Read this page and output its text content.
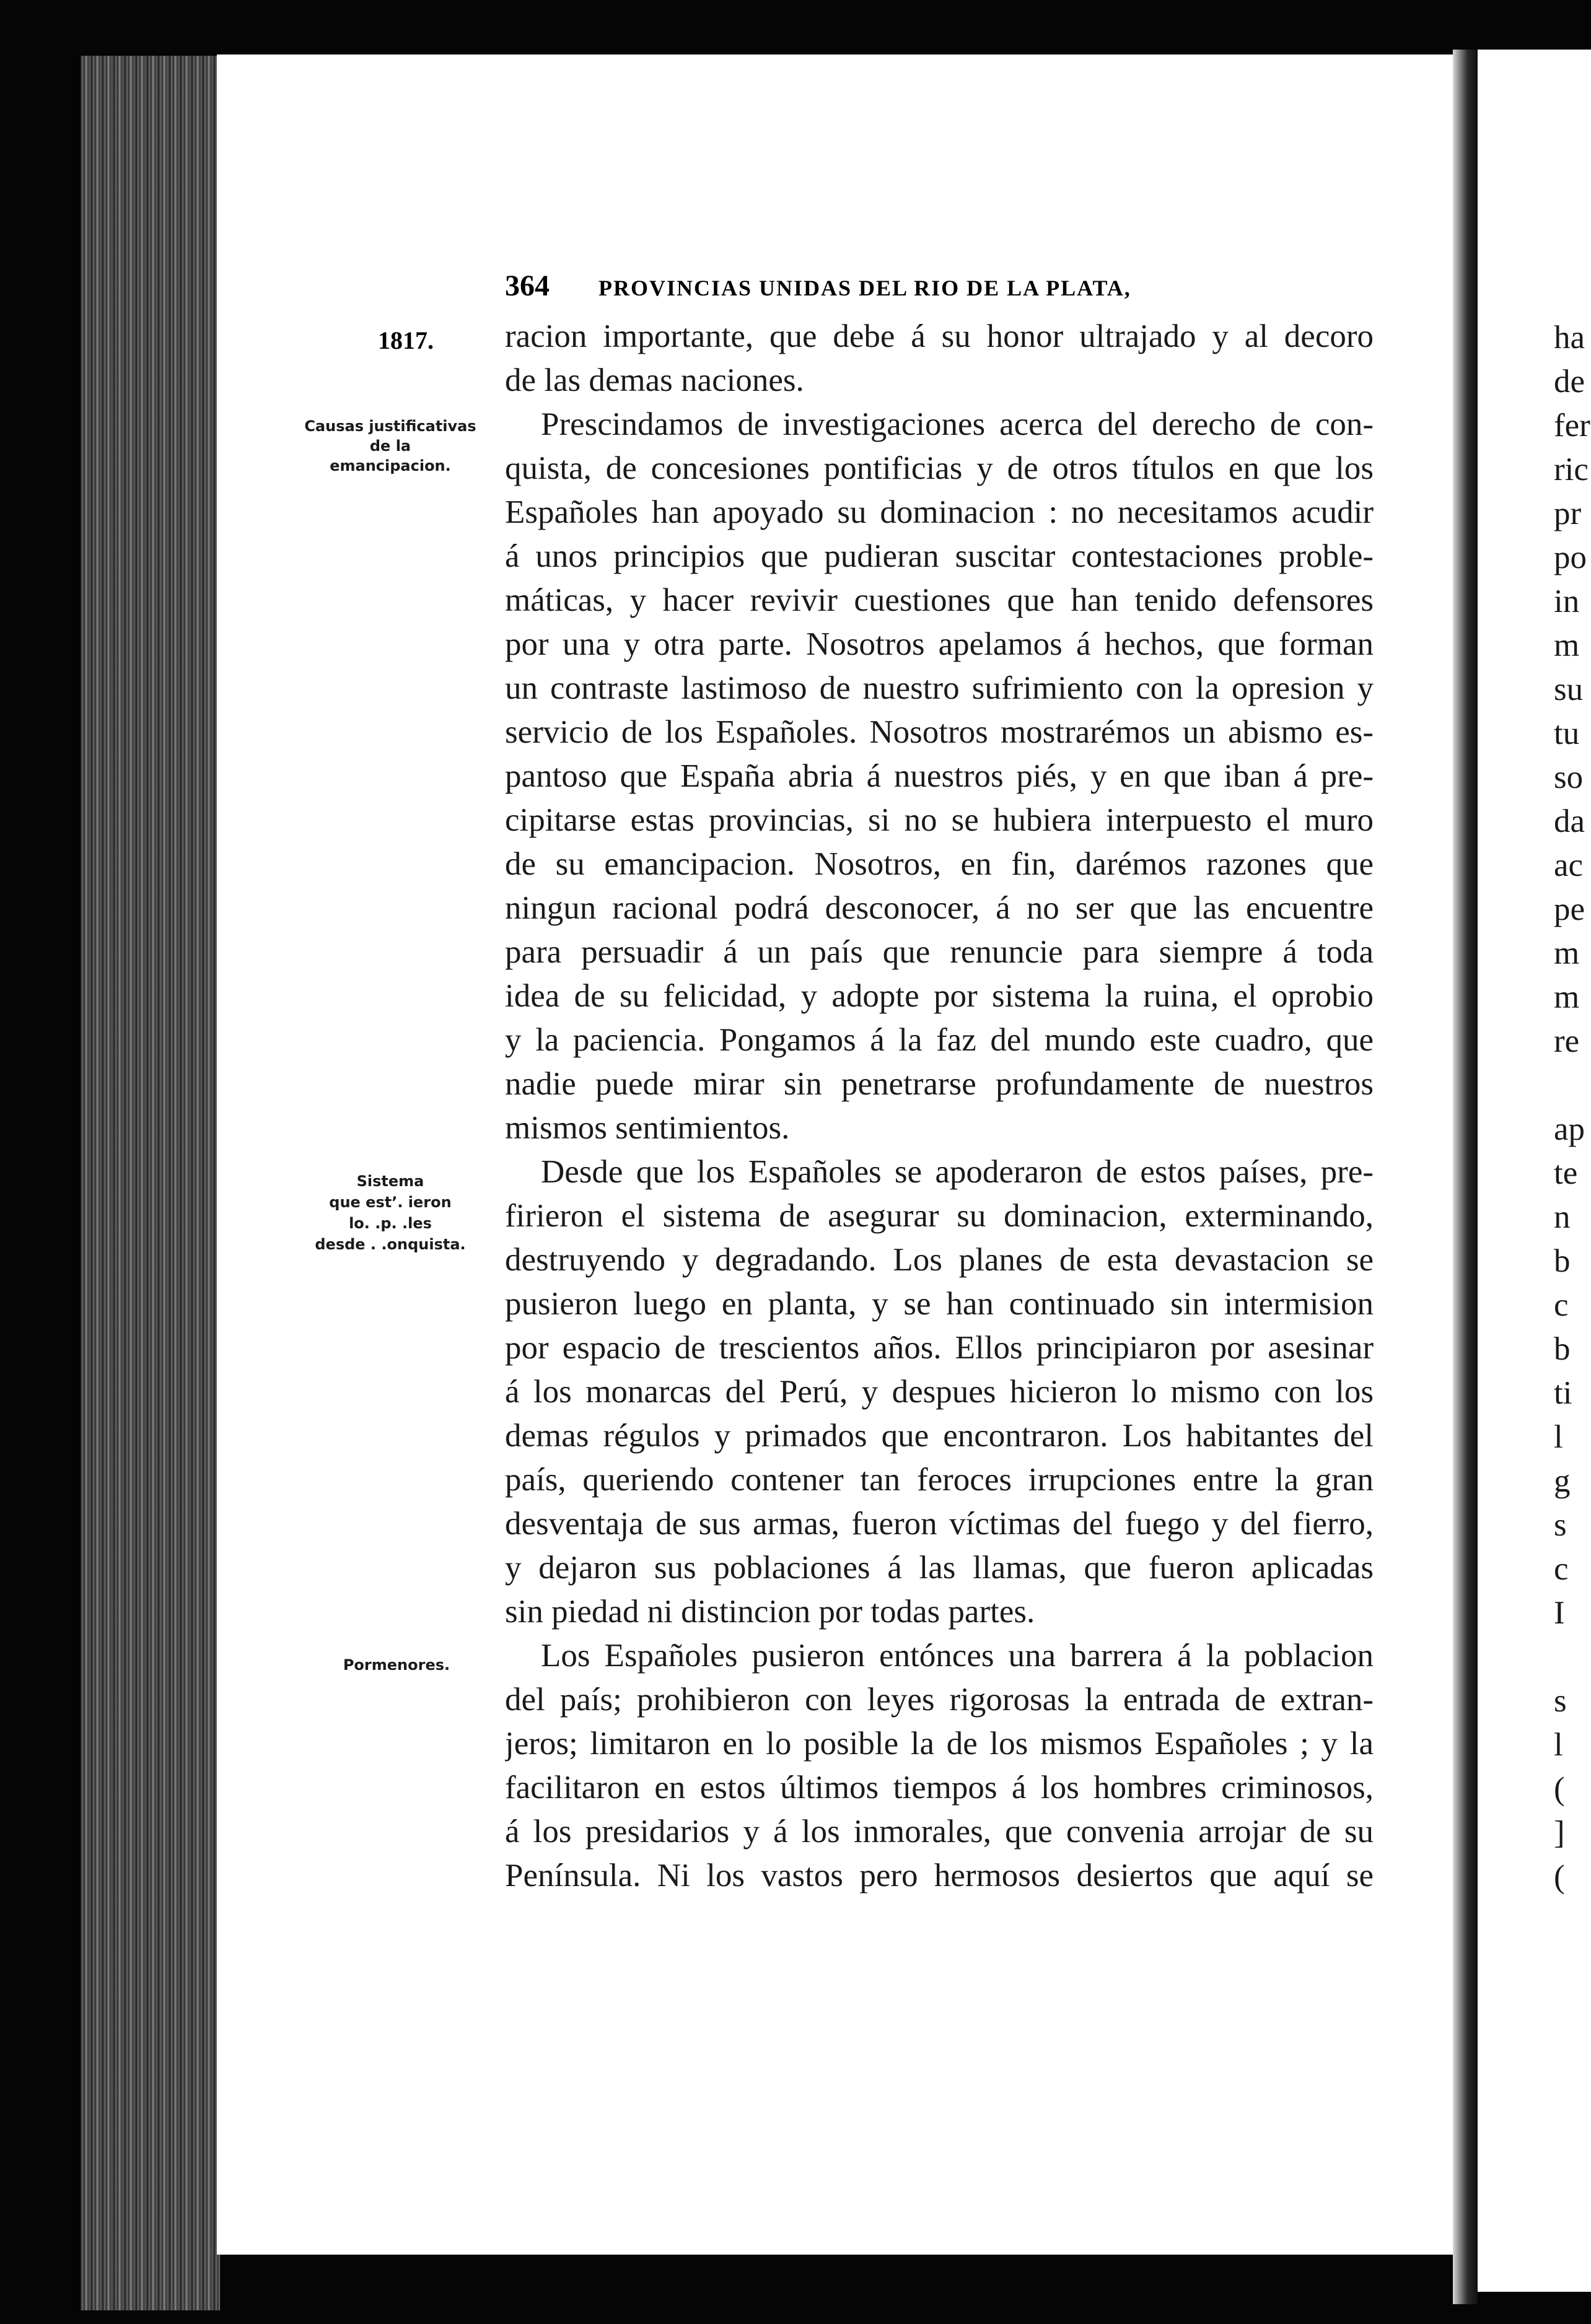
364 PROVINCIAS UNIDAS DEL RIO DE LA PLATA,
1817.
Causas justificativas
de la
emancipacion.
Sistema
que estʼ. ieron
lo. .p. .les
desde . .onquista.
Pormenores.
racion importante, que debe á su honor ultrajado y al decoro
de las demas naciones.
Prescindamos de investigaciones acerca del derecho de con-
quista, de concesiones pontificias y de otros títulos en que los
Españoles han apoyado su dominacion : no necesitamos acudir
á unos principios que pudieran suscitar contestaciones proble-
máticas, y hacer revivir cuestiones que han tenido defensores
por una y otra parte. Nosotros apelamos á hechos, que forman
un contraste lastimoso de nuestro sufrimiento con la opresion y
servicio de los Españoles. Nosotros mostrarémos un abismo es-
pantoso que España abria á nuestros piés, y en que iban á pre-
cipitarse estas provincias, si no se hubiera interpuesto el muro
de su emancipacion. Nosotros, en fin, darémos razones que
ningun racional podrá desconocer, á no ser que las encuentre
para persuadir á un país que renuncie para siempre á toda
idea de su felicidad, y adopte por sistema la ruina, el oprobio
y la paciencia. Pongamos á la faz del mundo este cuadro, que
nadie puede mirar sin penetrarse profundamente de nuestros
mismos sentimientos.
Desde que los Españoles se apoderaron de estos países, pre-
firieron el sistema de asegurar su dominacion, exterminando,
destruyendo y degradando. Los planes de esta devastacion se
pusieron luego en planta, y se han continuado sin intermision
por espacio de trescientos años. Ellos principiaron por asesinar
á los monarcas del Perú, y despues hicieron lo mismo con los
demas régulos y primados que encontraron. Los habitantes del
país, queriendo contener tan feroces irrupciones entre la gran
desventaja de sus armas, fueron víctimas del fuego y del fierro,
y dejaron sus poblaciones á las llamas, que fueron aplicadas
sin piedad ni distincion por todas partes.
Los Españoles pusieron entónces una barrera á la poblacion
del país; prohibieron con leyes rigorosas la entrada de extran-
jeros; limitaron en lo posible la de los mismos Españoles ; y la
facilitaron en estos últimos tiempos á los hombres criminosos,
á los presidarios y á los inmorales, que convenia arrojar de su
Península. Ni los vastos pero hermosos desiertos que aquí se
ha
de
fer
ric
pr
po
in
m
su
tu
so
da
ac
pe
m
m
re
ap
te
n
b
c
b
ti
l
g
s
c
I
s
l
(
]
(
